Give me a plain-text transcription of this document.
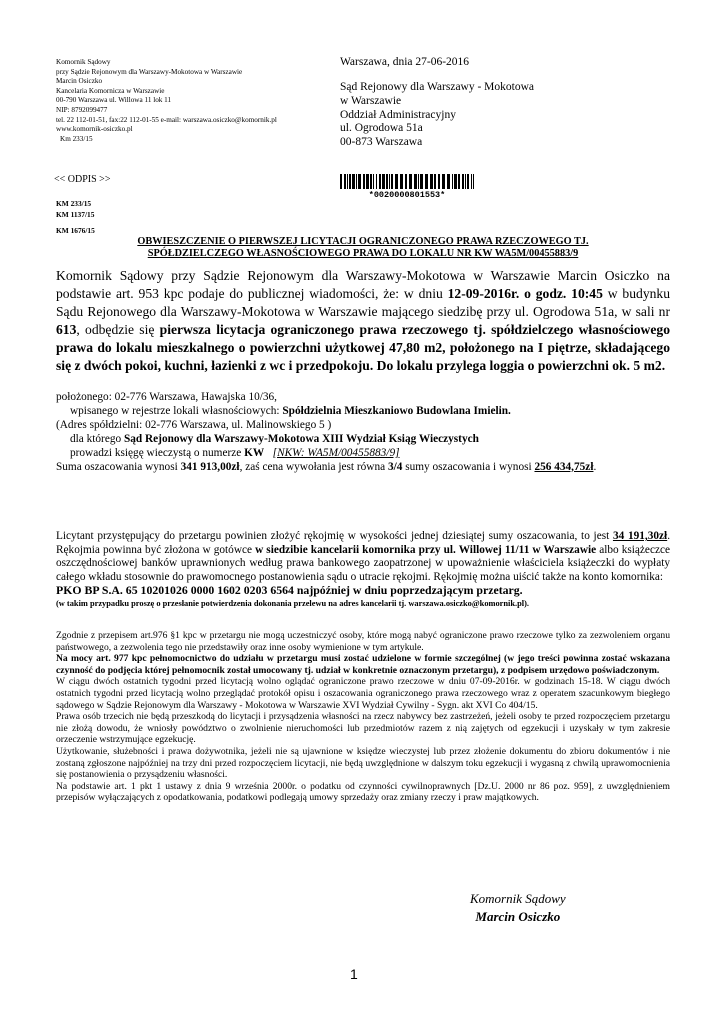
Komornik Sądowy
przy Sądzie Rejonowym dla Warszawy-Mokotowa w Warszawie
Marcin Osiczko
Kancelaria Komornicza w Warszawie
00-790 Warszawa ul. Willowa 11 lok 11
NIP: 8792099477
tel. 22 112-01-51, fax:22 112-01-55 e-mail: warszawa.osiczko@komornik.pl
www.komornik-osiczko.pl
Km 233/15
Warszawa, dnia 27-06-2016
Sąd Rejonowy dla Warszawy - Mokotowa
w Warszawie
Oddział Administracyjny
ul. Ogrodowa 51a
00-873 Warszawa
<< ODPIS >>
*0020000801553*
KM 233/15
KM 1137/15
KM 1676/15
OBWIESZCZENIE O PIERWSZEJ LICYTACJI OGRANICZONEGO PRAWA RZECZOWEGO TJ.
SPÓŁDZIELCZEGO WŁASNOŚCIOWEGO PRAWA DO LOKALU NR KW WA5M/00455883/9
Komornik Sądowy przy Sądzie Rejonowym dla Warszawy-Mokotowa w Warszawie Marcin Osiczko na podstawie art. 953 kpc podaje do publicznej wiadomości, że: w dniu 12-09-2016r. o godz. 10:45 w budynku Sądu Rejonowego dla Warszawy-Mokotowa w Warszawie mającego siedzibę przy ul. Ogrodowa 51a, w sali nr 613, odbędzie się pierwsza licytacja ograniczonego prawa rzeczowego tj. spółdzielczego własnościowego prawa do lokalu mieszkalnego o powierzchni użytkowej 47,80 m2, położonego na I piętrze, składającego się z dwóch pokoi, kuchni, łazienki z wc i przedpokoju. Do lokalu przylega loggia o powierzchni ok. 5 m2.

położonego: 02-776 Warszawa, Hawajska 10/36,

wpisanego w rejestrze lokali własnościowych: Spółdzielnia Mieszkaniowo Budowlana Imielin.

(Adres spółdzielni: 02-776 Warszawa, ul. Malinowskiego 5 )

dla którego Sąd Rejonowy dla Warszawy-Mokotowa XIII Wydział Ksiąg Wieczystych

prowadzi księgę wieczystą o numerze KW [NKW: WA5M/00455883/9]

Suma oszacowania wynosi 341 913,00zł, zaś cena wywołania jest równa 3/4 sumy oszacowania i wynosi 256 434,75zł.

Licytant przystępujący do przetargu powinien złożyć rękojmię w wysokości jednej dziesiątej sumy oszacowania, to jest 34 191,30zł. Rękojmia powinna być złożona w gotówce w siedzibie kancelarii komornika przy ul. Willowej 11/11 w Warszawie albo książeczce oszczędnościowej banków uprawnionych według prawa bankowego zaopatrzonej w upoważnienie właściciela książeczki do wypłaty całego wkładu stosownie do prawomocnego postanowienia sądu o utracie rękojmi. Rękojmię można uiścić także na konto komornika:

PKO BP S.A. 65 10201026 0000 1602 0203 6564 najpóźniej w dniu poprzedzającym przetarg.

(w takim przypadku proszę o przesłanie potwierdzenia dokonania przelewu na adres kancelarii tj. warszawa.osiczko@komornik.pl).

Zgodnie z przepisem art.976 §1 kpc w przetargu nie mogą uczestniczyć osoby, które mogą nabyć ograniczone prawo rzeczowe tylko za zezwoleniem organu państwowego, a zezwolenia tego nie przedstawiły oraz inne osoby wymienione w tym artykule.

Na mocy art. 977 kpc pełnomocnictwo do udziału w przetargu musi zostać udzielone w formie szczególnej (w jego treści powinna zostać wskazana czynność do podjęcia której pełnomocnik został umocowany tj. udział w konkretnie oznaczonym przetargu), z podpisem urzędowo poświadczonym.

W ciągu dwóch ostatnich tygodni przed licytacją wolno oglądać ograniczone prawo rzeczowe w dniu 07-09-2016r. w godzinach 15-18. W ciągu dwóch ostatnich tygodni przed licytacją wolno przeglądać protokół opisu i oszacowania ograniczonego prawa rzeczowego wraz z operatem szacunkowym biegłego sądowego w Sądzie Rejonowym dla Warszawy - Mokotowa w Warszawie XVI Wydział Cywilny - Sygn. akt XVI Co 404/15.

Prawa osób trzecich nie będą przeszkodą do licytacji i przysądzenia własności na rzecz nabywcy bez zastrzeżeń, jeżeli osoby te przed rozpoczęciem przetargu nie złożą dowodu, że wniosły powództwo o zwolnienie nieruchomości lub przedmiotów razem z nią zajętych od egzekucji i uzyskały w tym zakresie orzeczenie wstrzymujące egzekucję.

Użytkowanie, służebności i prawa dożywotnika, jeżeli nie są ujawnione w księdze wieczystej lub przez złożenie dokumentu do zbioru dokumentów i nie zostaną zgłoszone najpóźniej na trzy dni przed rozpoczęciem licytacji, nie będą uwzględnione w dalszym toku egzekucji i wygasną z chwilą uprawomocnienia się postanowienia o przysądzeniu własności.

Na podstawie art. 1 pkt 1 ustawy z dnia 9 września 2000r. o podatku od czynności cywilnoprawnych [Dz.U. 2000 nr 86 poz. 959], z uwzględnieniem przepisów wyłączających z opodatkowania, podatkowi podlegają umowy sprzedaży oraz zmiany rzeczy i praw majątkowych.

Komornik Sądowy
Marcin Osiczko
1
